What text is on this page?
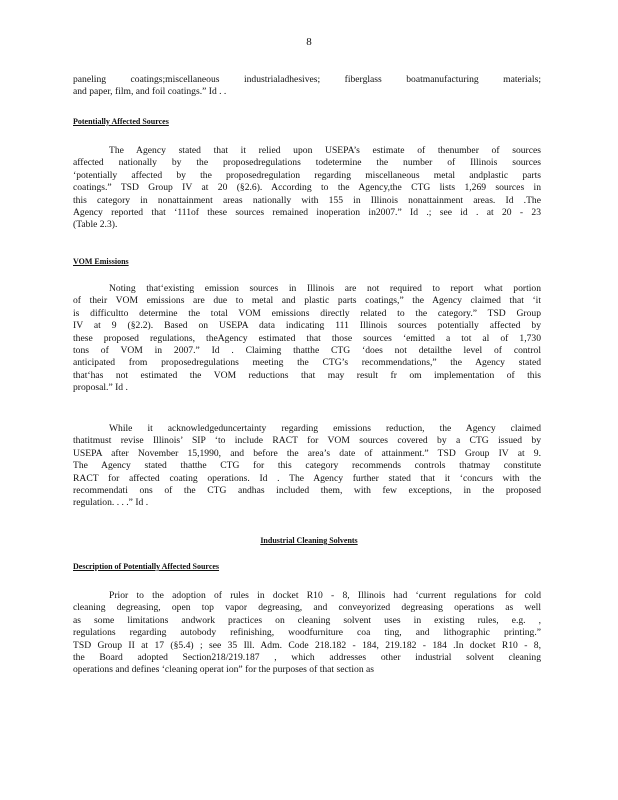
8
paneling coatings;miscellaneous industrialadhesives; fiberglass boatmanufacturing materials;
and paper, film, and foil coatings.” Id . .
Potentially Affected Sources
The Agency stated that it relied upon USEPA’s estimate of thenumber of sources
affected nationally by the proposedregulations todetermine the number of Illinois sources
‘potentially affected by the proposedregulation regarding miscellaneous metal andplastic parts
coatings.” TSD Group IV at 20 (§2.6). According to the Agency,the CTG lists 1,269 sources in
this category in nonattainment areas nationally with 155 in Illinois nonattainment areas. Id .The
Agency reported that ‘111of these sources remained inoperation in2007.” Id .; see id . at 20 - 23
(Table 2.3).
VOM Emissions
Noting that‘existing emission sources in Illinois are not required to report what portion
of their VOM emissions are due to metal and plastic parts coatings,” the Agency claimed that ‘it
is difficultto determine the total VOM emissions directly related to the category.” TSD Group
IV at 9 (§2.2). Based on USEPA data indicating 111 Illinois sources potentially affected by
these proposed regulations, theAgency estimated that those sources ‘emitted a tot al of 1,730
tons of VOM in 2007.” Id . Claiming thatthe CTG ‘does not detailthe level of control
anticipated from proposedregulations meeting the CTG’s recommendations,” the Agency stated
that‘has not estimated the VOM reductions that may result fr om implementation of this
proposal.” Id .
While it acknowledgeduncertainty regarding emissions reduction, the Agency claimed
thatitmust revise Illinois’ SIP ‘to include RACT for VOM sources covered by a CTG issued by
USEPA after November 15,1990, and before the area’s date of attainment.” TSD Group IV at 9.
The Agency stated thatthe CTG for this category recommends controls thatmay constitute
RACT for affected coating operations. Id . The Agency further stated that it ‘concurs with the
recommendati ons of the CTG andhas included them, with few exceptions, in the proposed
regulation. . . .” Id .
Industrial Cleaning Solvents
Description of Potentially Affected Sources
Prior to the adoption of rules in docket R10 - 8, Illinois had ‘current regulations for cold
cleaning degreasing, open top vapor degreasing, and conveyorized degreasing operations as well
as some limitations andwork practices on cleaning solvent uses in existing rules, e.g. ,
regulations regarding autobody refinishing, woodfurniture coa ting, and lithographic printing.”
TSD Group II at 17 (§5.4) ; see 35 Ill. Adm. Code 218.182 - 184, 219.182 - 184 .In docket R10 - 8,
the Board adopted Section218/219.187 , which addresses other industrial solvent cleaning
operations and defines ‘cleaning operat ion” for the purposes of that section as
